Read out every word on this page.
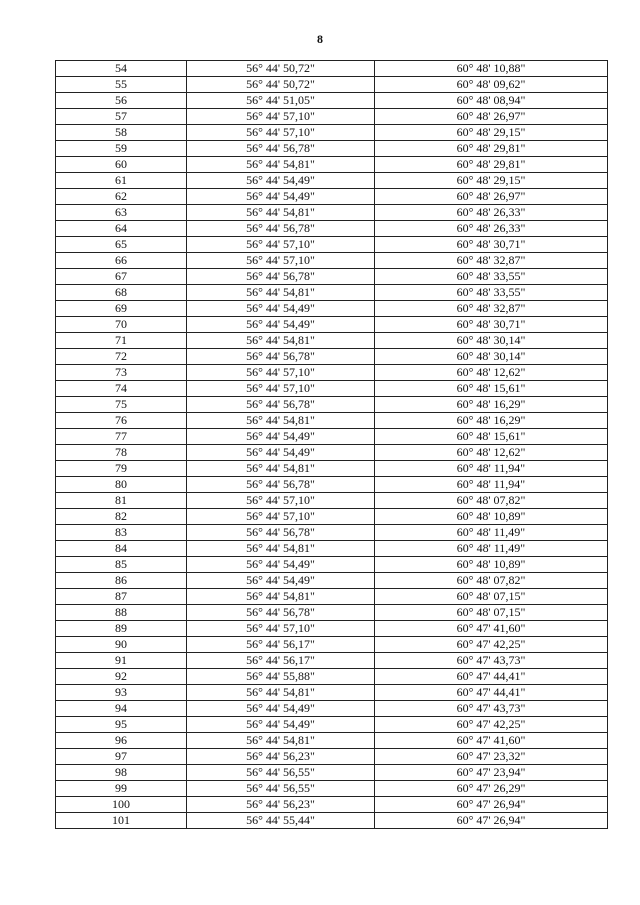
8
54	56° 44' 50,72"	60° 48' 10,88"
55	56° 44' 50,72"	60° 48' 09,62"
56	56° 44' 51,05"	60° 48' 08,94"
57	56° 44' 57,10"	60° 48' 26,97"
58	56° 44' 57,10"	60° 48' 29,15"
59	56° 44' 56,78"	60° 48' 29,81"
60	56° 44' 54,81"	60° 48' 29,81"
61	56° 44' 54,49"	60° 48' 29,15"
62	56° 44' 54,49"	60° 48' 26,97"
63	56° 44' 54,81"	60° 48' 26,33"
64	56° 44' 56,78"	60° 48' 26,33"
65	56° 44' 57,10"	60° 48' 30,71"
66	56° 44' 57,10"	60° 48' 32,87"
67	56° 44' 56,78"	60° 48' 33,55"
68	56° 44' 54,81"	60° 48' 33,55"
69	56° 44' 54,49"	60° 48' 32,87"
70	56° 44' 54,49"	60° 48' 30,71"
71	56° 44' 54,81"	60° 48' 30,14"
72	56° 44' 56,78"	60° 48' 30,14"
73	56° 44' 57,10"	60° 48' 12,62"
74	56° 44' 57,10"	60° 48' 15,61"
75	56° 44' 56,78"	60° 48' 16,29"
76	56° 44' 54,81"	60° 48' 16,29"
77	56° 44' 54,49"	60° 48' 15,61"
78	56° 44' 54,49"	60° 48' 12,62"
79	56° 44' 54,81"	60° 48' 11,94"
80	56° 44' 56,78"	60° 48' 11,94"
81	56° 44' 57,10"	60° 48' 07,82"
82	56° 44' 57,10"	60° 48' 10,89"
83	56° 44' 56,78"	60° 48' 11,49"
84	56° 44' 54,81"	60° 48' 11,49"
85	56° 44' 54,49"	60° 48' 10,89"
86	56° 44' 54,49"	60° 48' 07,82"
87	56° 44' 54,81"	60° 48' 07,15"
88	56° 44' 56,78"	60° 48' 07,15"
89	56° 44' 57,10"	60° 47' 41,60"
90	56° 44' 56,17"	60° 47' 42,25"
91	56° 44' 56,17"	60° 47' 43,73"
92	56° 44' 55,88"	60° 47' 44,41"
93	56° 44' 54,81"	60° 47' 44,41"
94	56° 44' 54,49"	60° 47' 43,73"
95	56° 44' 54,49"	60° 47' 42,25"
96	56° 44' 54,81"	60° 47' 41,60"
97	56° 44' 56,23"	60° 47' 23,32"
98	56° 44' 56,55"	60° 47' 23,94"
99	56° 44' 56,55"	60° 47' 26,29"
100	56° 44' 56,23"	60° 47' 26,94"
101	56° 44' 55,44"	60° 47' 26,94"
